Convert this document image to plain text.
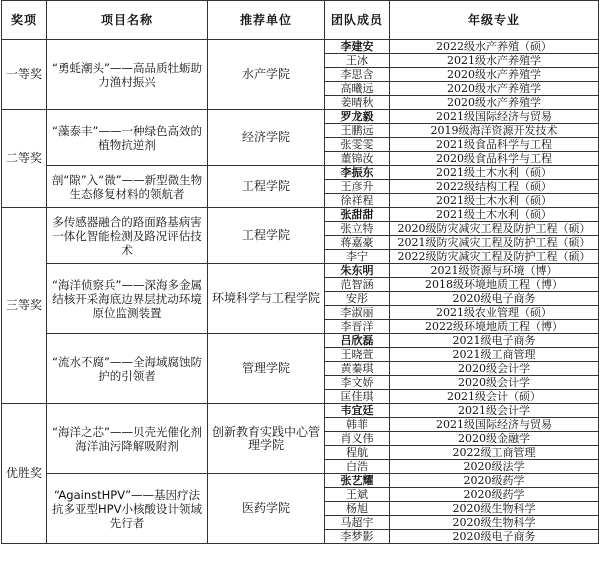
奖项	项目名称	推荐单位	团队成员	年级专业
一等奖	“勇蚝潮头”——高品质牡蛎助力渔村振兴	水产学院	李建安	2022级水产养殖（硕）
			王冰	2021级水产养殖学
			李思含	2020级水产养殖学
			高曦远	2020级水产养殖学
			姜晴秋	2020级水产养殖学
二等奖	“藻泰丰”——一种绿色高效的植物抗逆剂	经济学院	罗龙毅	2021级国际经济与贸易
			王鹏远	2019级海洋资源开发技术
			张雯雯	2021级食品科学与工程
			董锦汝	2020级食品科学与工程
	剖“隙”入“微”——新型微生物生态修复材料的领航者	工程学院	李振东	2021级土木水利（硕）
			王彦升	2022级结构工程（硕）
			徐祥程	2021级土木水利（硕）
三等奖	多传感器融合的路面路基病害一体化智能检测及路况评估技术	工程学院	张甜甜	2021级土木水利（硕）
			张立特	2020级防灾减灾工程及防护工程（硕）
			蒋嘉豪	2021级防灾减灾工程及防护工程（硕）
			李宁	2022级防灾减灾工程及防护工程（硕）
	“海洋侦察兵”——深海多金属结核开采海底边界层扰动环境原位监测装置	环境科学与工程学院	朱东明	2021级资源与环境（博）
			范智涵	2018级环境地质工程（博）
			安彤	2020级电子商务
			李淑丽	2021级农业管理（硕）
			李晋洋	2022级环境地质工程（博）
	“流水不腐”——全海域腐蚀防护的引领者	管理学院	吕欣磊	2021级电子商务
			王晓萱	2021级工商管理
			黄蓁琪	2020级会计学
			李文娇	2020级会计学
			匡佳琪	2021级会计（硕）
优胜奖	“海洋之芯”——贝壳光催化剂海洋油污降解吸附剂	创新教育实践中心管理学院	韦宜廷	2021级会计学
			韩菲	2021级国际经济与贸易
			肖义伟	2020级金融学
			程航	2022级工商管理
			白浩	2020级法学
	“AgainstHPV”——基因疗法抗多亚型HPV小核酸设计领域先行者	医药学院	张艺耀	2020级药学
			王斌	2020级药学
			杨旭	2020级生物科学
			马超宇	2020级生物科学
			李梦影	2020级电子商务
